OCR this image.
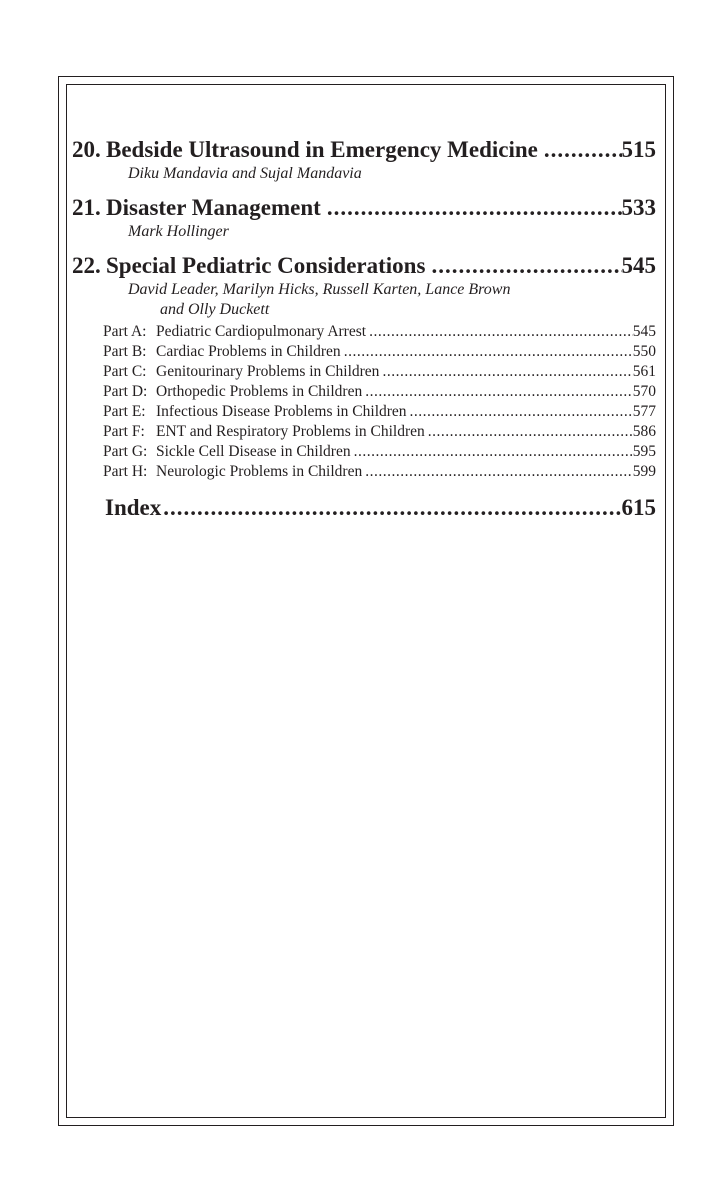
20. Bedside Ultrasound in Emergency Medicine .....	515

Diku Mandavia and Sujal Mandavia

21. Disaster Management .....	533

Mark Hollinger

22. Special Pediatric Considerations .....	545

David Leader, Marilyn Hicks, Russell Karten, Lance Brown
and Olly Duckett

Part A: Pediatric Cardiopulmonary Arrest .....	545
Part B: Cardiac Problems in Children .....	550
Part C: Genitourinary Problems in Children .....	561
Part D: Orthopedic Problems in Children .....	570
Part E: Infectious Disease Problems in Children .....	577
Part F: ENT and Respiratory Problems in Children .....	586
Part G: Sickle Cell Disease in Children .....	595
Part H: Neurologic Problems in Children .....	599
Index .....	615
